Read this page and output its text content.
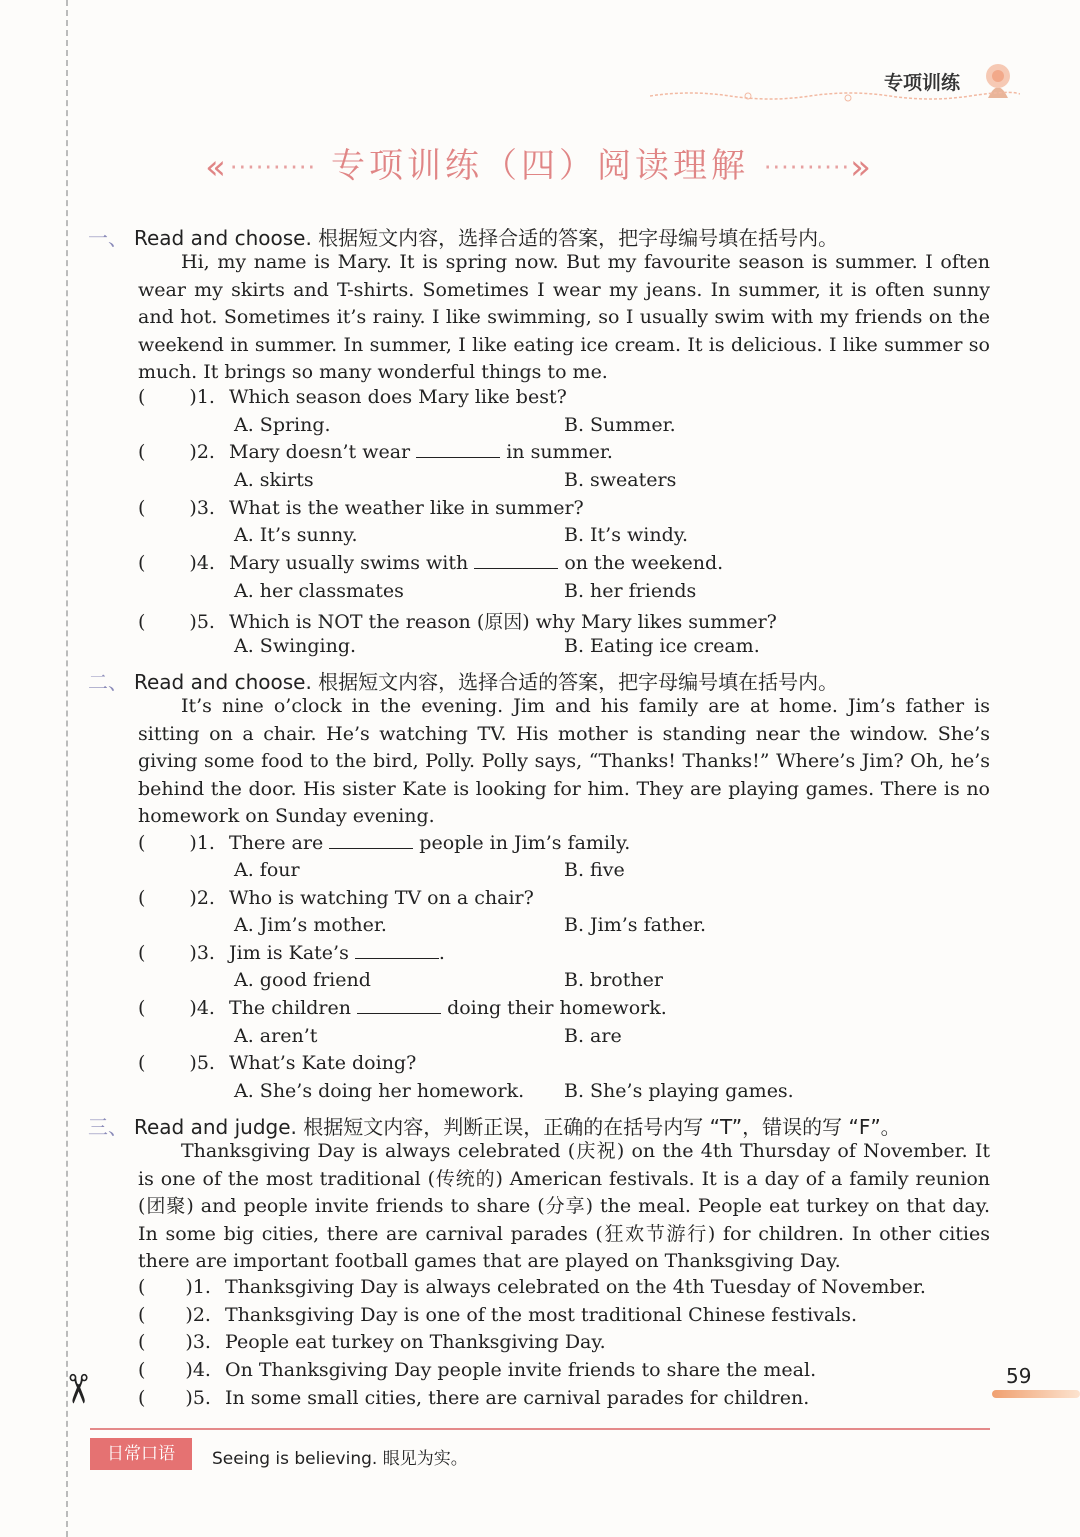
✂
专项训练
«·········· 专项训练（四）阅读理解 ··········»
一、 Read and choose. 根据短文内容，选择合适的答案，把字母编号填在括号内。
Hi, my name is Mary. It is spring now. But my favourite season is summer. I often wear my skirts and T-shirts. Sometimes I wear my jeans. In summer, it is often sunny and hot. Sometimes it’s rainy. I like swimming, so I usually swim with my friends on the weekend in summer. In summer, I like eating ice cream. It is delicious. I like summer so much. It brings so many wonderful things to me.
( )1. Which season does Mary like best?
A. Spring.	B. Summer.
( )2. Mary doesn’t wear	in summer.
A. skirts	B. sweaters
( )3. What is the weather like in summer?
A. It’s sunny.	B. It’s windy.
( )4. Mary usually swims with	on the weekend.
A. her classmates	B. her friends
( )5. Which is NOT the reason (原因) why Mary likes summer?
A. Swinging.	B. Eating ice cream.
二、 Read and choose. 根据短文内容，选择合适的答案，把字母编号填在括号内。
It’s nine o’clock in the evening. Jim and his family are at home. Jim’s father is sitting on a chair. He’s watching TV. His mother is standing near the window. She’s giving some food to the bird, Polly. Polly says, “Thanks! Thanks!” Where’s Jim? Oh, he’s behind the door. His sister Kate is looking for him. They are playing games. There is no homework on Sunday evening.
( )1. There are	people in Jim’s family.
A. four	B. five
( )2. Who is watching TV on a chair?
A. Jim’s mother.	B. Jim’s father.
( )3. Jim is Kate’s	.
A. good friend	B. brother
( )4. The children	doing their homework.
A. aren’t	B. are
( )5. What’s Kate doing?
A. She’s doing her homework. B. She’s playing games.
三、 Read and judge. 根据短文内容，判断正误，正确的在括号内写 “T”，错误的写 “F”。
Thanksgiving Day is always celebrated (庆祝) on the 4th Thursday of November. It is one of the most traditional (传统的) American festivals. It is a day of a family reunion (团聚) and people invite friends to share (分享) the meal. People eat turkey on that day. In some big cities, there are carnival parades (狂欢节游行) for children. In other cities there are important football games that are played on Thanksgiving Day.
( )1. Thanksgiving Day is always celebrated on the 4th Tuesday of November.
( )2. Thanksgiving Day is one of the most traditional Chinese festivals.
( )3. People eat turkey on Thanksgiving Day.
( )4. On Thanksgiving Day people invite friends to share the meal.
( )5. In some small cities, there are carnival parades for children.
59
日常口语	Seeing is believing. 眼见为实。
